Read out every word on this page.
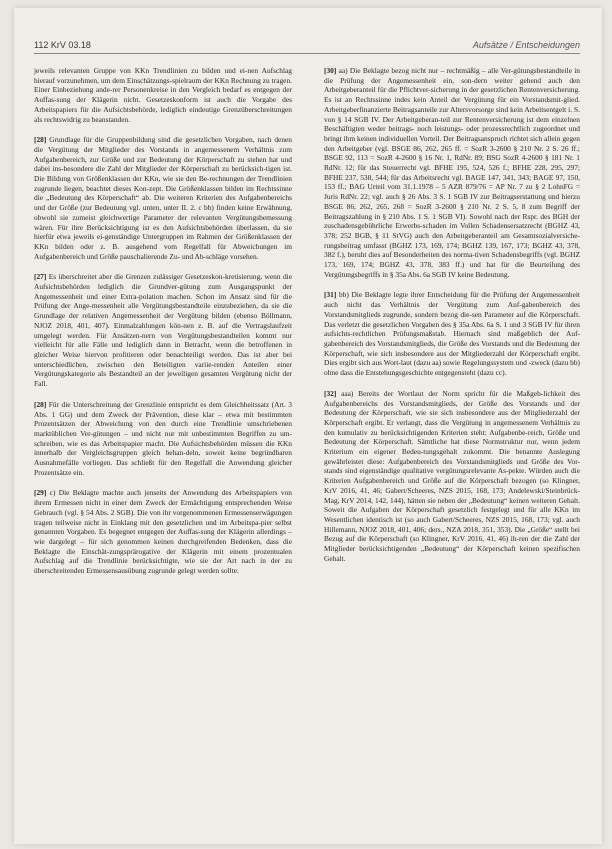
112 KrV 03.18	Aufsätze / Entscheidungen

jeweils relevanten Gruppe von KKn Trendlinien zu bilden und ei-nen Aufschlag hierauf vorzunehmen, um dem Einschätzungs-spielraum der KKn Rechnung zu tragen. Einer Einbeziehung ande-rer Personenkreise in den Vergleich bedarf es entgegen der Auffas-sung der Klägerin nicht. Gesetzeskonform ist auch die Vorgabe des Arbeitspapiers für die Aufsichtsbehörde, lediglich eindeutige Grenzüberschreitungen als rechtswidrig zu beanstanden.

[28] Grundlage für die Gruppenbildung sind die gesetzlichen Vorgaben, nach denen die Vergütung der Mitglieder des Vorstands in angemessenem Verhältnis zum Aufgabenbereich, zur Größe und zur Bedeutung der Körperschaft zu stehen hat und dabei ins-besondere die Zahl der Mitglieder der Körperschaft zu berücksich-tigen ist. Die Bildung von Größenklassen der KKn, wie sie den Be-rechnungen der Trendlinien zugrunde liegen, beachtet dieses Kon-zept. Die Größenklassen bilden im Rechtssinne die „Bedeutung des Körperschaft“ ab. Die weiteren Kriterien des Aufgabenbereichs und der Größe (zur Bedeutung vgl. unten, unter II. 2. c bb) finden keine Erwähnung, obwohl sie zumeist gleichwertige Parameter der relevanten Vergütungsbemessung wären. Für ihre Berücksichtigung ist es den Aufsichtsbehörden überlassen, da sie hierfür etwa jeweils ei-genständige Untergruppen im Rahmen der Größenklassen der KKn bilden oder z. B. ausgehend vom Regelfall für Abweichungen im Aufgabenbereich und Größe pauschalierende Zu- und Ab-schläge vorsehen.

[27] Es überschreitet aber die Grenzen zulässiger Gesetzeskon-kretisierung, wenn die Aufsichtsbehörden lediglich die Grundver-gütung zum Ausgangspunkt der Angemessenheit und einer Extra-polation machen. Schon im Ansatz sind für die Prüfung der Ange-messenheit alle Vergütungsbestandteile einzubeziehen, da sie die Grundlage der relativen Angemessenheit der Vergütung bilden (ebenso Böllmann, NJOZ 2018, 401, 407). Einmalzahlungen kön-nen z. B. auf die Vertragslaufzeit umgelegt werden. Für Ansätzen-nern von Vergütungsbestandteilen kommt nur vielleicht für alle Fälle und lediglich dann in Betracht, wenn die betroffenen in gleicher Weise hiervon profitieren oder benachteiligt werden. Das ist aber bei unterschiedlichen, zwischen den Beteiligten variie-renden Anteilen einer Vergütungskategorie als Bestandteil an der jeweiligen gesamten Vergütung nicht der Fall.

[28] Für die Unterschreitung der Grenzlinie entspricht es dem Gleichheitssatz (Art. 3 Abs. 1 GG) und dem Zweck der Prävention, diese klar – etwa mit bestimmten Prozentsätzen der Abweichung von den durch eine Trendlinie umschriebenen marktüblichen Ver-gütungen – und nicht nur mit unbestimmten Begriffen zu um-schreiben, wie es das Arbeitspapier macht. Die Aufsichtsbehörden müssen die KKn innerhalb der Vergleichsgruppen gleich behan-deln, soweit keine begründbaren Ausnahmefälle vorliegen. Das schließt für den Regelfall die Anwendung gleicher Prozentsätze ein.

[29] c) Die Beklagte machte auch jenseits der Anwendung des Arbeitspapiers von ihrem Ermessen nicht in einer dem Zweck der Ermächtigung entsprechenden Weise Gebrauch (vgl. § 54 Abs. 2 SGB). Die von ihr vorgenommenen Ermessenserwägungen tragen teilweise nicht in Einklang mit den gesetzlichen und im Arbeitspa-pier selbst genannten Vorgaben. Es begegnet entgegen der Auffas-sung der Klägerin allerdings – wie dargelegt – für sich genommen keinen durchgreifenden Bedenken, dass die Beklagte die Einschät-zungsprärogative der Klägerin mit einem prozentualen Aufschlag auf die Trendlinie berücksichtigte, wie sie der Art nach in der zu überschreitenden Ermessensausübung zugrunde gelegt werden sollte.

[30] aa) Die Beklagte bezog nicht nur – rechtmäßig – alle Ver-gütungsbestandteile in die Prüfung der Angemessenheit ein, son-dern weiter gehend auch den Arbeitgeberanteil für die Pflichtver-sicherung in der gesetzlichen Rentenversicherung. Es ist an Rechtssinne indes kein Anteil der Vergütung für ein Vorstandsmit-glied. Arbeitgeberfinanzierte Beitragsanteile zur Altersvorsorge sind kein Arbeitsentgelt i. S. von § 14 SGB IV. Der Arbeitgeberan-teil zur Rentenversicherung ist dem einzelnen Beschäftigten weder beitrags- noch leistungs- oder prozessrechtlich zugeordnet und bringt ihm keinen individuellen Vorteil. Der Beitragsanspruch richtet sich allein gegen den Arbeitgeber (vgl. BSGE 86, 262, 265 ff. = SozR 3-2600 § 210 Nr. 2 S. 26 ff.; BSGE 92, 113 = SozR 4-2600 § 16 Nr. 1, RdNr. 89; BSG SozR 4-2600 § 181 Nr. 1 RdNr. 12; für das Steuerrecht vgl. BFHE 195, 524, 526 f.; BFHE 228, 295, 297; BFHE 237, 538, 544; für das Arbeitsrecht vgl. BAGE 147, 341, 343; BAGE 97, 150, 153 ff.; BAG Urteil vom 31.1.1978 – 5 AZR 879/76 = AP Nr. 7 zu § 2 LohnFG = Juris RdNr. 22; vgl. auch § 26 Abs. 3 S. 1 SGB IV zur Beitragserstattung und hierzu BSGE 86, 262, 265, 268 = SozR 3-2600 § 210 Nr. 2 S. 5, 8 zum Begriff der Beitragszahlung in § 210 Abs. 1 S. 1 SGB VI). Sowohl nach der Rspr. des BGH der zuschadensgebührliche Erwerbs-schaden im Vollen Schadensersatzrecht (BGHZ 43, 378; 252 BGB, § 11 StVG) auch den Arbeitgeberanteil am Gesamtsozialversiche-rungsbeitrag umfasst (BGHZ 173, 169, 174; BGHZ 139, 167, 173; BGHZ 43, 378, 382 f.), beruht dies auf Besonderheiten des norma-tiven Schadensbegriffs (vgl. BGHZ 173, 169, 174; BGHZ 43, 378, 383 ff.) und hat für die Beurteilung des Vergütungsbegriffs in § 35a Abs. 6a SGB IV keine Bedeutung.

[31] bb) Die Beklagte legte ihrer Entscheidung für die Prüfung der Angemessenheit auch nicht das Verhältnis der Vergütung zum Auf-gabenbereich des Vorstandsmitglieds zugrunde, sondern bezog die-sen Parameter auf die Körperschaft. Das verletzt die gesetzlichen Vorgaben des § 35a Abs. 6a S. 1 und 3 SGB IV für ihren aufsichts-rechtlichen Prüfungsmaßstab. Hiernach sind maßgeblich der Auf-gabenbereich des Vorstandsmitglieds, die Größe des Vorstands und die Bedeutung der Körperschaft, wie sich insbesondere aus der Mitgliederzahl der Körperschaft ergibt. Dies ergibt sich aus Wort-laut (dazu aa) sowie Regelungssystem und -zweck (dazu bb) ohne dass die Entstehungsgeschichte entgegensteht (dazu cc).

[32] aaa) Bereits der Wortlaut der Norm spricht für die Maßgeb-lichkeit des Aufgabenbereichs des Vorstandsmitglieds, der Größe des Vorstands und der Bedeutung der Körperschaft, wie sie sich insbesondere aus der Mitgliederzahl der Körperschaft ergibt. Er verlangt, dass die Vergütung in angemessenem Verhältnis zu den kumulativ zu berücksichtigenden Kriterien steht: Aufgabenbe-reich, Größe und Bedeutung der Körperschaft. Sämtliche hat diese Normstruktur nur, wenn jedem Kriterium ein eigener Bedeu-tungsgehalt zukommt. Die benannte Auslegung gewährleistet diese: Aufgabenbereich des Vorstandsmitglieds und Größe des Vor-stands sind eigenständige qualitative vergütungsrelevante As-pekte. Würden auch die Kriterien Aufgabenbereich und Größe auf die Körperschaft bezogen (so Klingner, KrV 2016, 41, 46; Gabert/Scheeres, NZS 2015, 168, 173; Andelewski/Steinbrück-Mag, KrV 2014, 142, 144), hätten sie neben der „Bedeutung“ keinen weiteren Gehalt. Soweit die Aufgaben der Körperschaft gesetzlich festgelegt und für alle KKn im Wesentlichen identisch ist (so auch Gabert/Scheeres, NZS 2015, 168, 173; vgl. auch Hillemann, NJOZ 2018, 401, 406; ders., NZA 2018, 351, 353). Die „Größe“ stellt bei Bezug auf die Körperschaft (so Klingner, KrV 2016, 41, 46) ih-ren der die Zahl der Mitglieder berücksichtigenden „Bedeutung“ der Körperschaft keinen spezifischen Gehalt.
